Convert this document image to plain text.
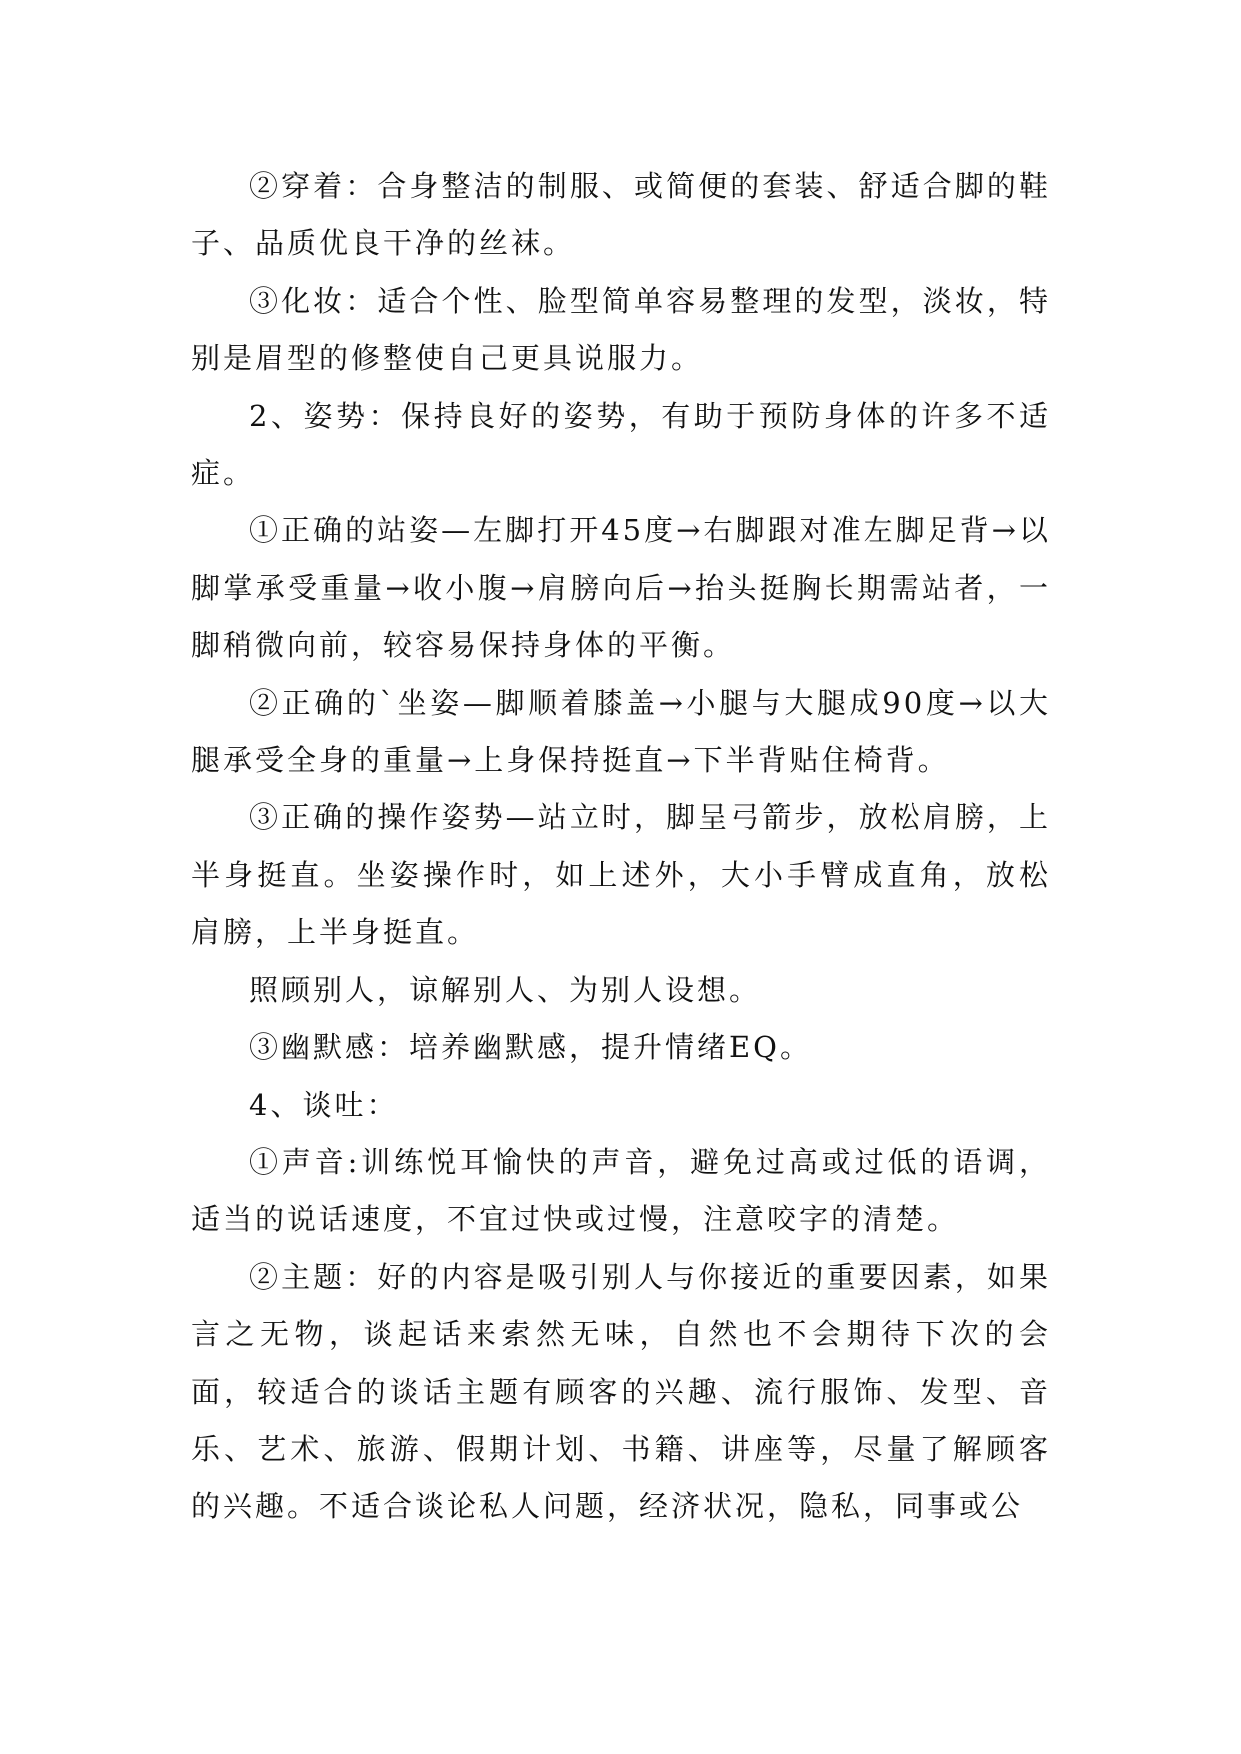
②穿着：合身整洁的制服、或简便的套装、舒适合脚的鞋子、品质优良干净的丝袜。

③化妆：适合个性、脸型简单容易整理的发型，淡妆，特别是眉型的修整使自己更具说服力。

2、姿势：保持良好的姿势，有助于预防身体的许多不适症。

①正确的站姿—左脚打开45度→右脚跟对准左脚足背→以脚掌承受重量→收小腹→肩膀向后→抬头挺胸长期需站者，一脚稍微向前，较容易保持身体的平衡。

②正确的`坐姿—脚顺着膝盖→小腿与大腿成90度→以大腿承受全身的重量→上身保持挺直→下半背贴住椅背。

③正确的操作姿势—站立时，脚呈弓箭步，放松肩膀，上半身挺直。坐姿操作时，如上述外，大小手臂成直角，放松肩膀，上半身挺直。

照顾别人，谅解别人、为别人设想。

③幽默感：培养幽默感，提升情绪EQ。

4、谈吐：

①声音:训练悦耳愉快的声音，避免过高或过低的语调，适当的说话速度，不宜过快或过慢，注意咬字的清楚。

②主题：好的内容是吸引别人与你接近的重要因素，如果言之无物，谈起话来索然无味，自然也不会期待下次的会面，较适合的谈话主题有顾客的兴趣、流行服饰、发型、音乐、艺术、旅游、假期计划、书籍、讲座等，尽量了解顾客的兴趣。不适合谈论私人问题，经济状况，隐私，同事或公
